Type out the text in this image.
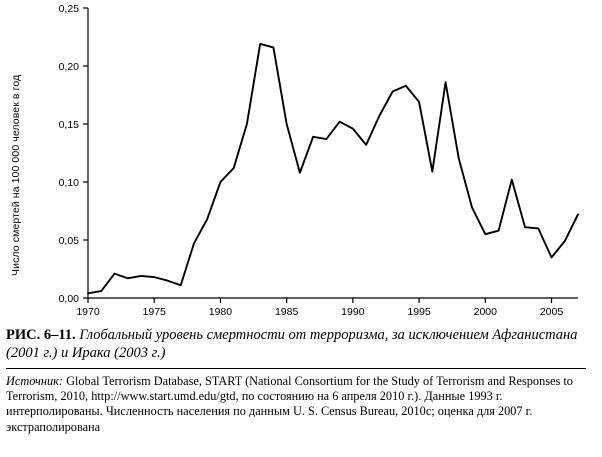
Число смертей на 100 000 человек в год
0,00
0,05
0,10
0,15
0,20
0,25
1970	1975	1980	1985	1990	1995	2000	2005

РИС. 6–11. Глобальный уровень смертности от терроризма, за исключением Афганистана (2001 г.) и Ирака (2003 г.)

Источник: Global Terrorism Database, START (National Consortium for the Study of Terrorism and Responses to Terrorism, 2010, http://www.start.umd.edu/gtd, по состоянию на 6 апреля 2010 г.). Данные 1993 г. интерполированы. Численность населения по данным U. S. Census Bureau, 2010c; оценка для 2007 г. экстраполирована
